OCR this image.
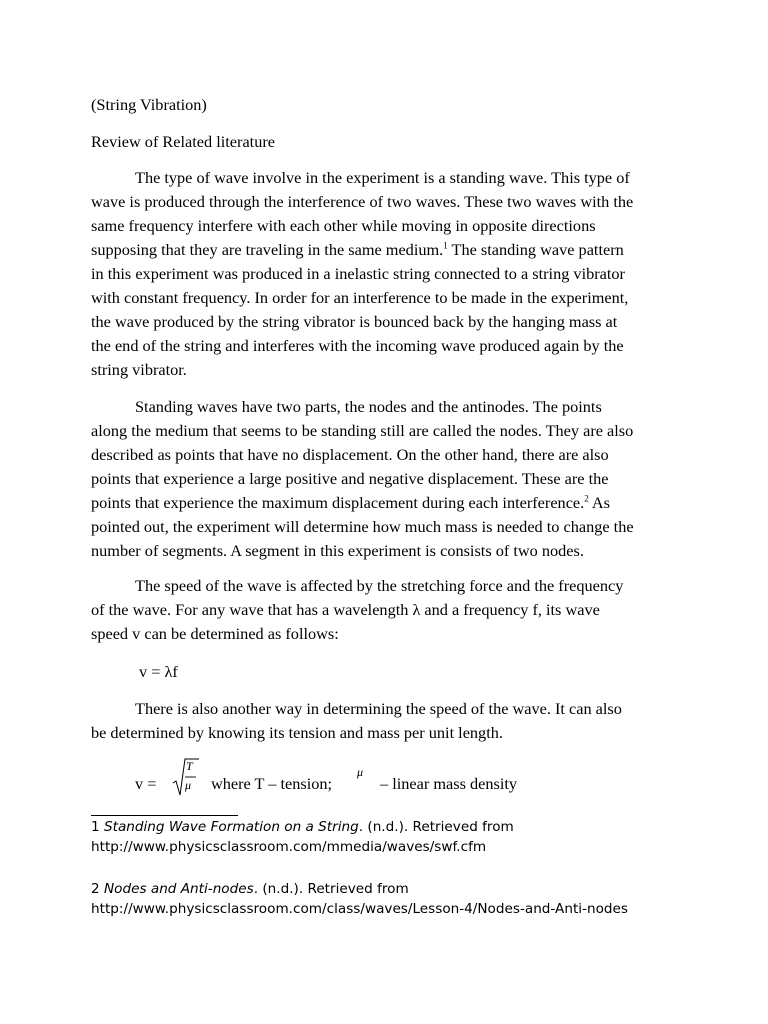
(String Vibration)
Review of Related literature
The type of wave involve in the experiment is a standing wave. This type of
wave is produced through the interference of two waves. These two waves with the
same frequency interfere with each other while moving in opposite directions
supposing that they are traveling in the same medium.$^1$ The standing wave pattern
in this experiment was produced in a inelastic string connected to a string vibrator
with constant frequency. In order for an interference to be made in the experiment,
the wave produced by the string vibrator is bounced back by the hanging mass at
the end of the string and interferes with the incoming wave produced again by the
string vibrator.
Standing waves have two parts, the nodes and the antinodes. The points
along the medium that seems to be standing still are called the nodes. They are also
described as points that have no displacement. On the other hand, there are also
points that experience a large positive and negative displacement. These are the
points that experience the maximum displacement during each interference.$^2$ As
pointed out, the experiment will determine how much mass is needed to change the
number of segments. A segment in this experiment is consists of two nodes.
The speed of the wave is affected by the stretching force and the frequency
of the wave. For any wave that has a wavelength λ and a frequency f, its wave
speed v can be determined as follows:
v = λf
There is also another way in determining the speed of the wave. It can also
be determined by knowing its tension and mass per unit length.
v =
T
μ where T – tension;
μ
– linear mass density
1 Standing Wave Formation on a String. (n.d.). Retrieved from
http://www.physicsclassroom.com/mmedia/waves/swf.cfm
2 Nodes and Anti-nodes. (n.d.). Retrieved from
http://www.physicsclassroom.com/class/waves/Lesson-4/Nodes-and-Anti-nodes
